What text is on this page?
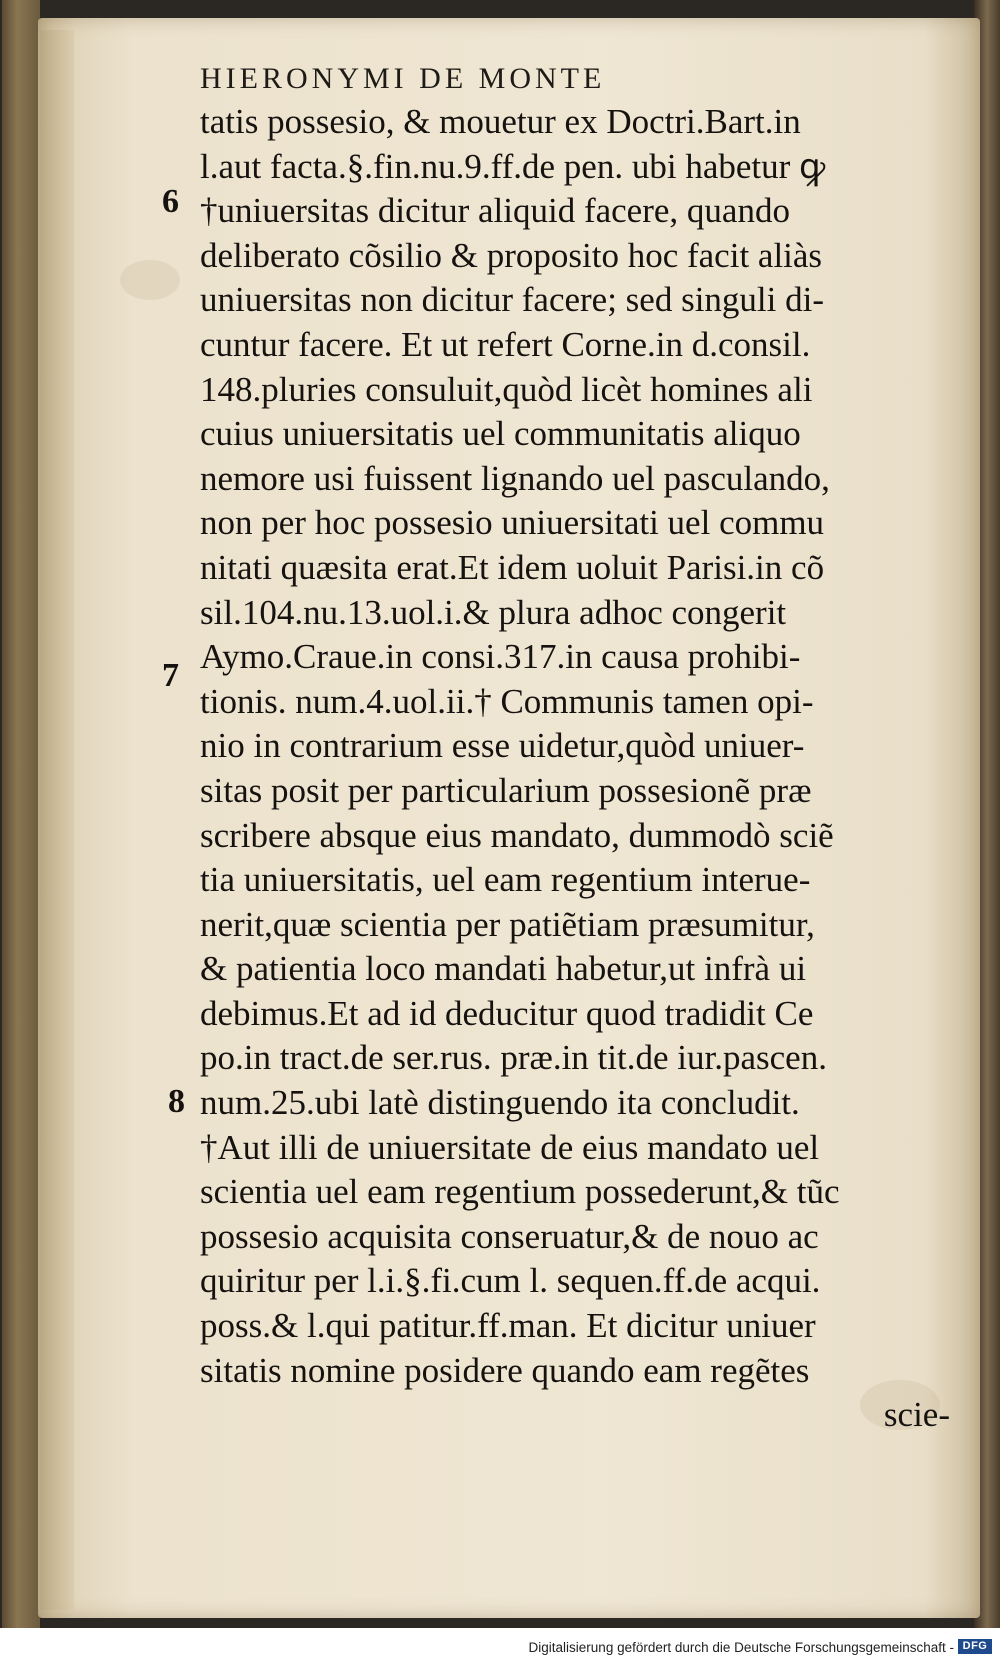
HIERONYMI DE MONTE
6
7
8
tatis possesio, & mouetur ex Doctri.Bart.in
l.aut facta.§.fin.nu.9.ff.de pen. ubi habetur ꝙ
†uniuersitas dicitur aliquid facere, quando
deliberato cõsilio & proposito hoc facit aliàs
uniuersitas non dicitur facere; sed singuli di-
cuntur facere. Et ut refert Corne.in d.consil.
148.pluries consuluit,quòd licèt homines ali
cuius uniuersitatis uel communitatis aliquo
nemore usi fuissent lignando uel pasculando,
non per hoc possesio uniuersitati uel commu
nitati quæsita erat.Et idem uoluit Parisi.in cõ
sil.104.nu.13.uol.i.& plura adhoc congerit
Aymo.Craue.in consi.317.in causa prohibi-
tionis. num.4.uol.ii.† Communis tamen opi-
nio in contrarium esse uidetur,quòd uniuer-
sitas posit per particularium possesionẽ præ
scribere absque eius mandato, dummodò sciẽ
tia uniuersitatis, uel eam regentium interue-
nerit,quæ scientia per patiẽtiam præsumitur,
& patientia loco mandati habetur,ut infrà ui
debimus.Et ad id deducitur quod tradidit Ce
po.in tract.de ser.rus. præ.in tit.de iur.pascen.
num.25.ubi latè distinguendo ita concludit.
†Aut illi de uniuersitate de eius mandato uel
scientia uel eam regentium possederunt,& tũc
possesio acquisita conseruatur,& de nouo ac
quiritur per l.i.§.fi.cum l. sequen.ff.de acqui.
poss.& l.qui patitur.ff.man. Et dicitur uniuer
sitatis nomine posidere quando eam regẽtes
scie-
Digitalisierung gefördert durch die Deutsche Forschungsgemeinschaft - DFG
